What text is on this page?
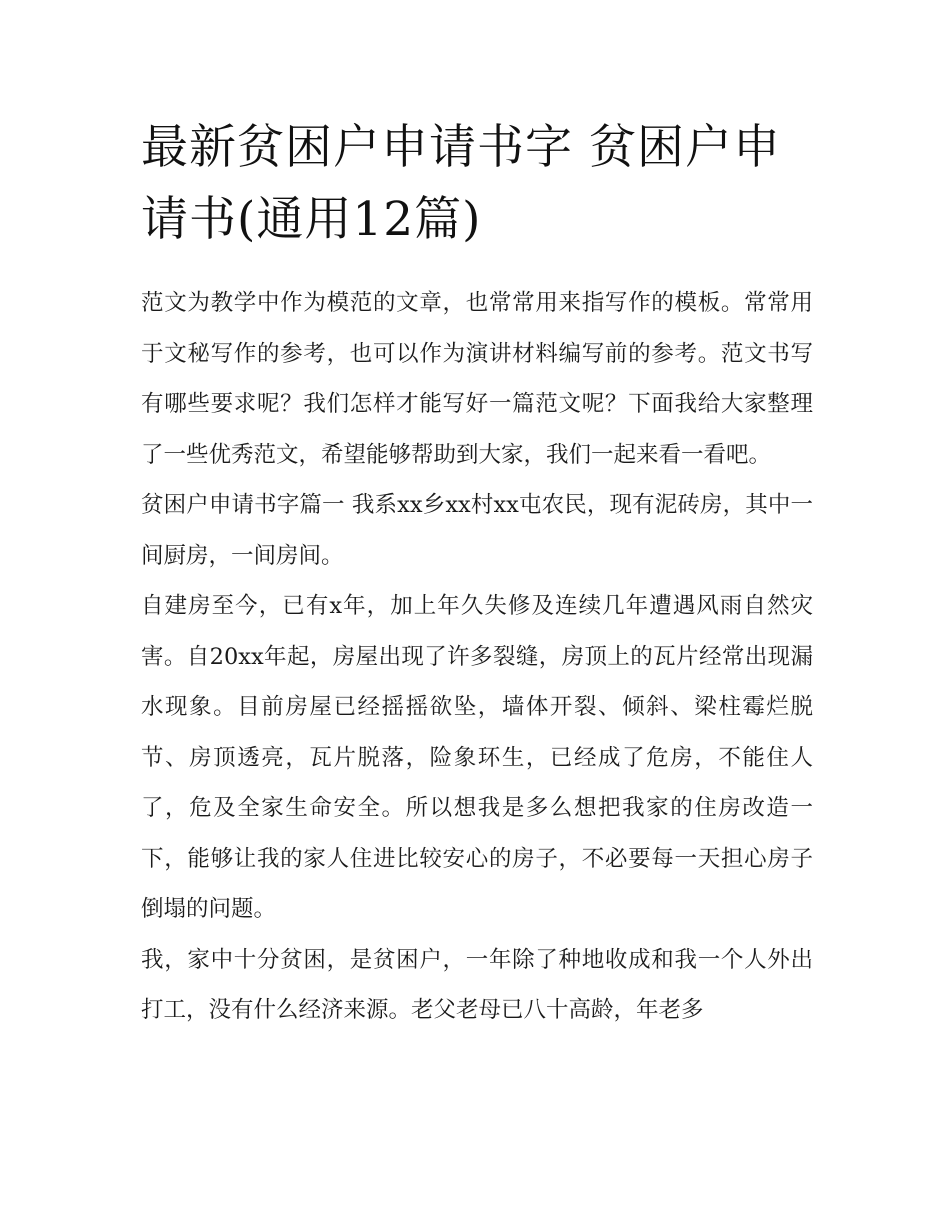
最新贫困户申请书字 贫困户申请书(通用12篇)

范文为教学中作为模范的文章，也常常用来指写作的模板。常常用于文秘写作的参考，也可以作为演讲材料编写前的参考。范文书写有哪些要求呢？我们怎样才能写好一篇范文呢？下面我给大家整理了一些优秀范文，希望能够帮助到大家，我们一起来看一看吧。

贫困户申请书字篇一 我系xx乡xx村xx屯农民，现有泥砖房，其中一间厨房，一间房间。

自建房至今，已有x年，加上年久失修及连续几年遭遇风雨自然灾害。自20xx年起，房屋出现了许多裂缝，房顶上的瓦片经常出现漏水现象。目前房屋已经摇摇欲坠，墙体开裂、倾斜、梁柱霉烂脱节、房顶透亮，瓦片脱落，险象环生，已经成了危房，不能住人了，危及全家生命安全。所以想我是多么想把我家的住房改造一下，能够让我的家人住进比较安心的房子，不必要每一天担心房子倒塌的问题。

我，家中十分贫困，是贫困户，一年除了种地收成和我一个人外出打工，没有什么经济来源。老父老母已八十高龄，年老多
